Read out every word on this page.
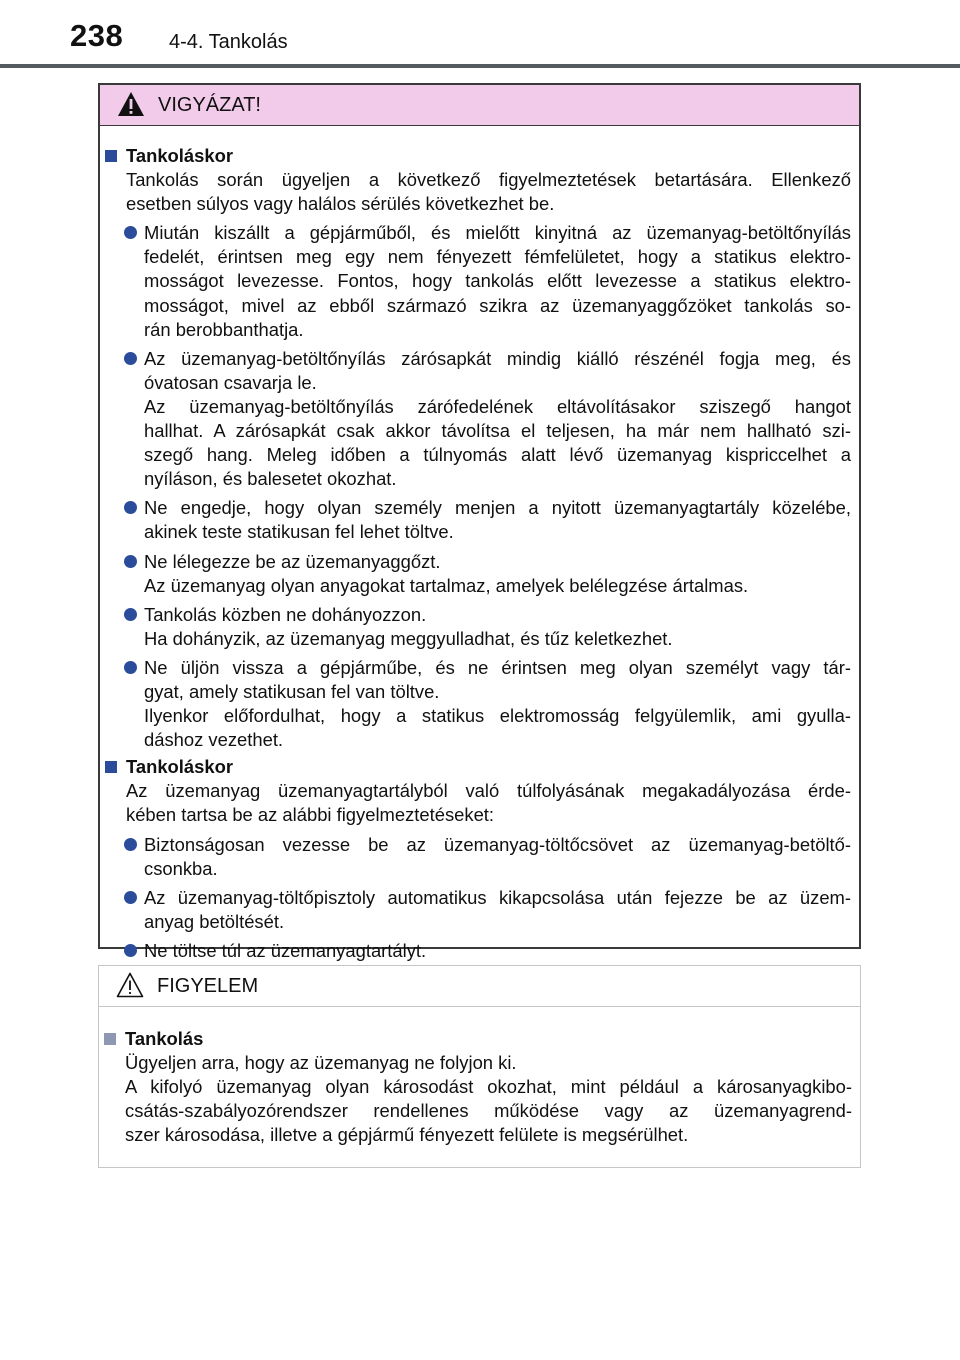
238 4-4. Tankolás
VIGYÁZAT!
Tankoláskor
Tankolás során ügyeljen a következő figyelmeztetések betartására. Ellenkező
esetben súlyos vagy halálos sérülés következhet be.
Miután kiszállt a gépjárműből, és mielőtt kinyitná az üzemanyag-betöltőnyílás
fedelét, érintsen meg egy nem fényezett fémfelületet, hogy a statikus elektro-
mosságot levezesse. Fontos, hogy tankolás előtt levezesse a statikus elektro-
mosságot, mivel az ebből származó szikra az üzemanyaggőzöket tankolás so-
rán berobbanthatja.
Az üzemanyag-betöltőnyílás zárósapkát mindig kiálló részénél fogja meg, és
óvatosan csavarja le.
Az üzemanyag-betöltőnyílás zárófedelének eltávolításakor sziszegő hangot
hallhat. A zárósapkát csak akkor távolítsa el teljesen, ha már nem hallható szi-
szegő hang. Meleg időben a túlnyomás alatt lévő üzemanyag kispriccelhet a
nyíláson, és balesetet okozhat.
Ne engedje, hogy olyan személy menjen a nyitott üzemanyagtartály közelébe,
akinek teste statikusan fel lehet töltve.
Ne lélegezze be az üzemanyaggőzt.
Az üzemanyag olyan anyagokat tartalmaz, amelyek belélegzése ártalmas.
Tankolás közben ne dohányozzon.
Ha dohányzik, az üzemanyag meggyulladhat, és tűz keletkezhet.
Ne üljön vissza a gépjárműbe, és ne érintsen meg olyan személyt vagy tár-
gyat, amely statikusan fel van töltve.
Ilyenkor előfordulhat, hogy a statikus elektromosság felgyülemlik, ami gyulla-
dáshoz vezethet.
Tankoláskor
Az üzemanyag üzemanyagtartályból való túlfolyásának megakadályozása érde-
kében tartsa be az alábbi figyelmeztetéseket:
Biztonságosan vezesse be az üzemanyag-töltőcsövet az üzemanyag-betöltő-
csonkba.
Az üzemanyag-töltőpisztoly automatikus kikapcsolása után fejezze be az üzem-
anyag betöltését.
Ne töltse túl az üzemanyagtartályt.
FIGYELEM
Tankolás
Ügyeljen arra, hogy az üzemanyag ne folyjon ki.
A kifolyó üzemanyag olyan károsodást okozhat, mint például a károsanyagkibo-
csátás-szabályozórendszer rendellenes működése vagy az üzemanyagrend-
szer károsodása, illetve a gépjármű fényezett felülete is megsérülhet.
